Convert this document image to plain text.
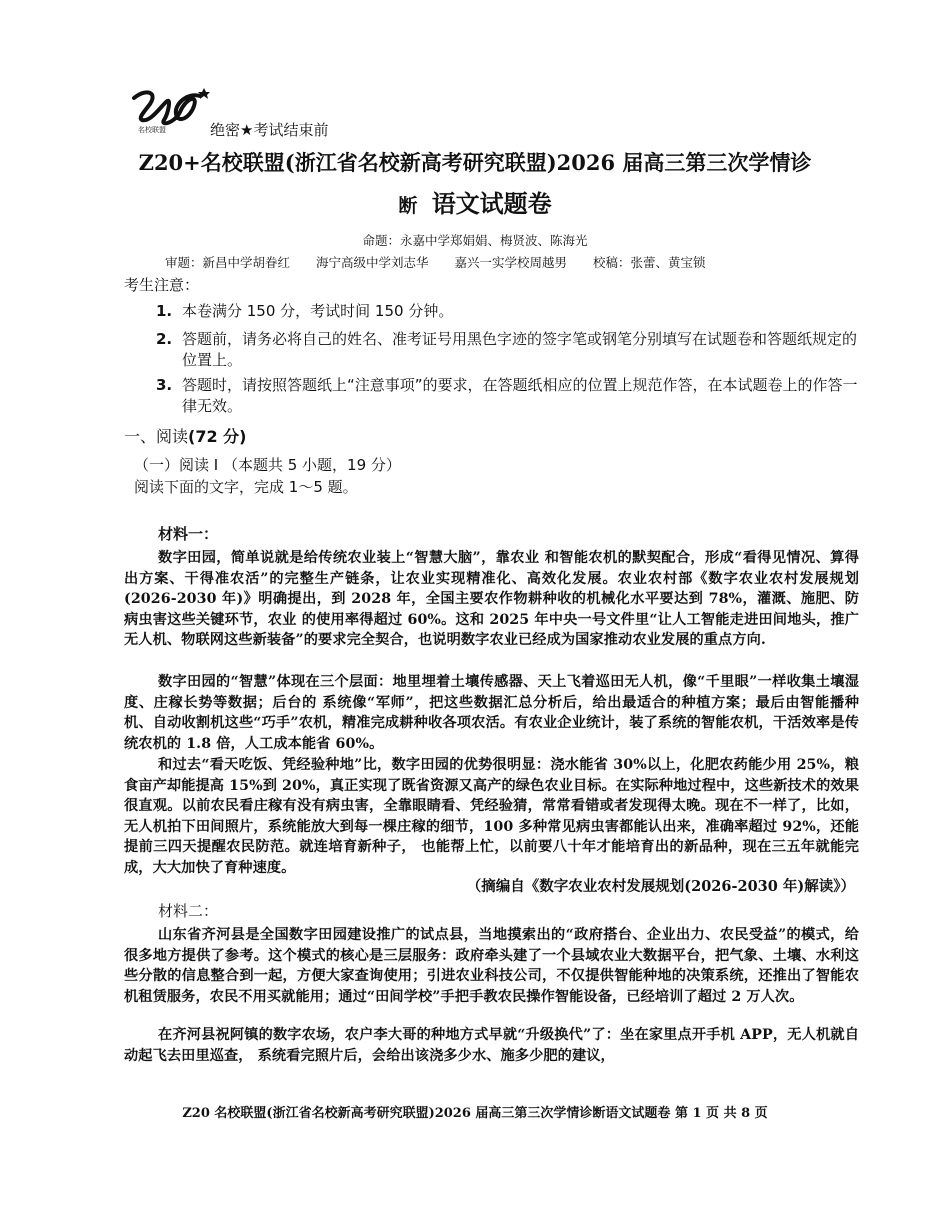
名校联盟	绝密★考试结束前
Z20+名校联盟(浙江省名校新高考研究联盟)2026 届高三第三次学情诊
断 语文试题卷
命题：永嘉中学郑娟娟、梅贤波、陈海光
审题：新昌中学胡眷红 海宁高级中学刘志华 嘉兴一实学校周越男 校稿：张蕾、黄宝锁
考生注意：
1. 本卷满分 150 分，考试时间 150 分钟。
2. 答题前，请务必将自己的姓名、准考证号用黑色字迹的签字笔或钢笔分别填写在试题卷和答题纸规定的位置上。
3. 答题时，请按照答题纸上“注意事项”的要求，在答题纸相应的位置上规范作答，在本试题卷上的作答一律无效。
一、阅读(72 分)
（一）阅读 I （本题共 5 小题，19 分） 阅读下面的文字，完成 1～5 题。
材料一：
数字田园，简单说就是给传统农业装上“智慧大脑”，靠农业 和智能农机的默契配合，形成“看得见情况、算得出方案、干得准农活”的完整生产链条，让农业实现精准化、高效化发展。农业农村部《数字农业农村发展规划(2026-2030 年)》明确提出，到 2028 年，全国主要农作物耕种收的机械化水平要达到 78%，灌溉、施肥、防病虫害这些关键环节，农业 的使用率得超过 60%。这和 2025 年中央一号文件里“让人工智能走进田间地头，推广无人机、物联网这些新装备”的要求完全契合，也说明数字农业已经成为国家推动农业发展的重点方向.
数字田园的“智慧”体现在三个层面：地里埋着土壤传感器、天上飞着巡田无人机，像“千里眼”一样收集土壤湿度、庄稼长势等数据；后台的 系统像“军师”，把这些数据汇总分析后，给出最适合的种植方案；最后由智能播种机、自动收割机这些“巧手”农机，精准完成耕种收各项农活。有农业企业统计，装了系统的智能农机，干活效率是传统农机的 1.8 倍，人工成本能省 60%。
和过去“看天吃饭、凭经验种地”比，数字田园的优势很明显：浇水能省 30%以上，化肥农药能少用 25%，粮食亩产却能提高 15%到 20%，真正实现了既省资源又高产的绿色农业目标。在实际种地过程中，这些新技术的效果很直观。以前农民看庄稼有没有病虫害，全靠眼睛看、凭经验猜，常常看错或者发现得太晚。现在不一样了，比如，无人机拍下田间照片，系统能放大到每一棵庄稼的细节，100 多种常见病虫害都能认出来，准确率超过 92%，还能提前三四天提醒农民防范。就连培育新种子， 也能帮上忙，以前要八十年才能培育出的新品种，现在三五年就能完成，大大加快了育种速度。
（摘编自《数字农业农村发展规划(2026-2030 年)解读》）
材料二：
山东省齐河县是全国数字田园建设推广的试点县，当地摸索出的“政府搭台、企业出力、农民受益”的模式，给很多地方提供了参考。这个模式的核心是三层服务：政府牵头建了一个县域农业大数据平台，把气象、土壤、水利这些分散的信息整合到一起，方便大家查询使用；引进农业科技公司，不仅提供智能种地的决策系统，还推出了智能农机租赁服务，农民不用买就能用；通过“田间学校”手把手教农民操作智能设备，已经培训了超过 2 万人次。
在齐河县祝阿镇的数字农场，农户李大哥的种地方式早就“升级换代”了：坐在家里点开手机 APP，无人机就自动起飞去田里巡查， 系统看完照片后，会给出该浇多少水、施多少肥的建议，
Z20 名校联盟(浙江省名校新高考研究联盟)2026 届高三第三次学情诊断语文试题卷 第 1 页 共 8 页
